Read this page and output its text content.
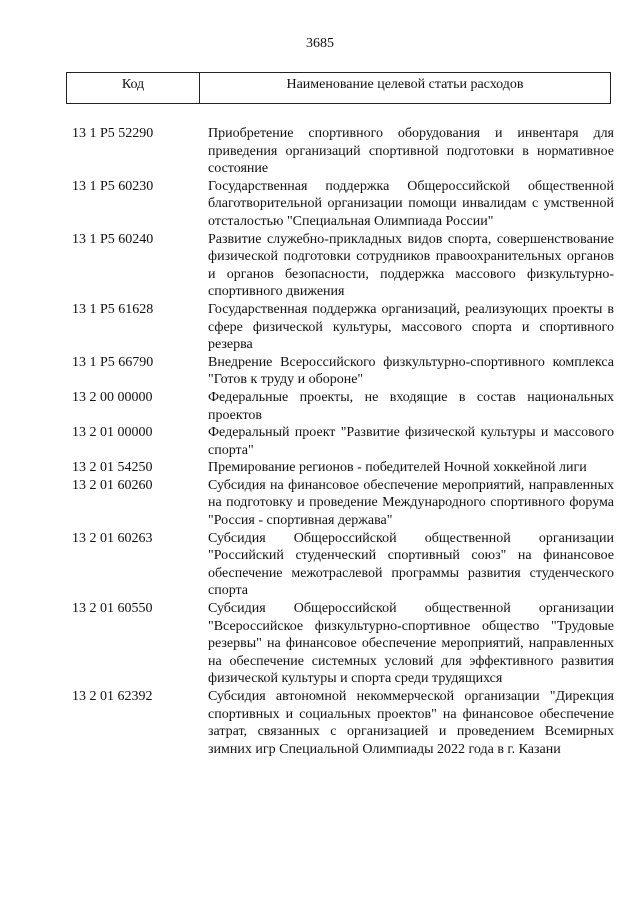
3685
Код	Наименование целевой статьи расходов
13 1 P5 52290	Приобретение спортивного оборудования и инвентаря для приведения организаций спортивной подготовки в нормативное состояние
13 1 P5 60230	Государственная поддержка Общероссийской общественной благотворительной организации помощи инвалидам с умственной отсталостью "Специальная Олимпиада России"
13 1 P5 60240	Развитие служебно-прикладных видов спорта, совершенствование физической подготовки сотрудников правоохранительных органов и органов безопасности, поддержка массового физкультурно-спортивного движения
13 1 P5 61628	Государственная поддержка организаций, реализующих проекты в сфере физической культуры, массового спорта и спортивного резерва
13 1 P5 66790	Внедрение Всероссийского физкультурно-спортивного комплекса "Готов к труду и обороне"
13 2 00 00000	Федеральные проекты, не входящие в состав национальных проектов
13 2 01 00000	Федеральный проект "Развитие физической культуры и массового спорта"
13 2 01 54250	Премирование регионов - победителей Ночной хоккейной лиги
13 2 01 60260	Субсидия на финансовое обеспечение мероприятий, направленных на подготовку и проведение Международного спортивного форума "Россия - спортивная держава"
13 2 01 60263	Субсидия Общероссийской общественной организации "Российский студенческий спортивный союз" на финансовое обеспечение межотраслевой программы развития студенческого спорта
13 2 01 60550	Субсидия Общероссийской общественной организации "Всероссийское физкультурно-спортивное общество "Трудовые резервы" на финансовое обеспечение мероприятий, направленных на обеспечение системных условий для эффективного развития физической культуры и спорта среди трудящихся
13 2 01 62392	Субсидия автономной некоммерческой организации "Дирекция спортивных и социальных проектов" на финансовое обеспечение затрат, связанных с организацией и проведением Всемирных зимних игр Специальной Олимпиады 2022 года в г. Казани
